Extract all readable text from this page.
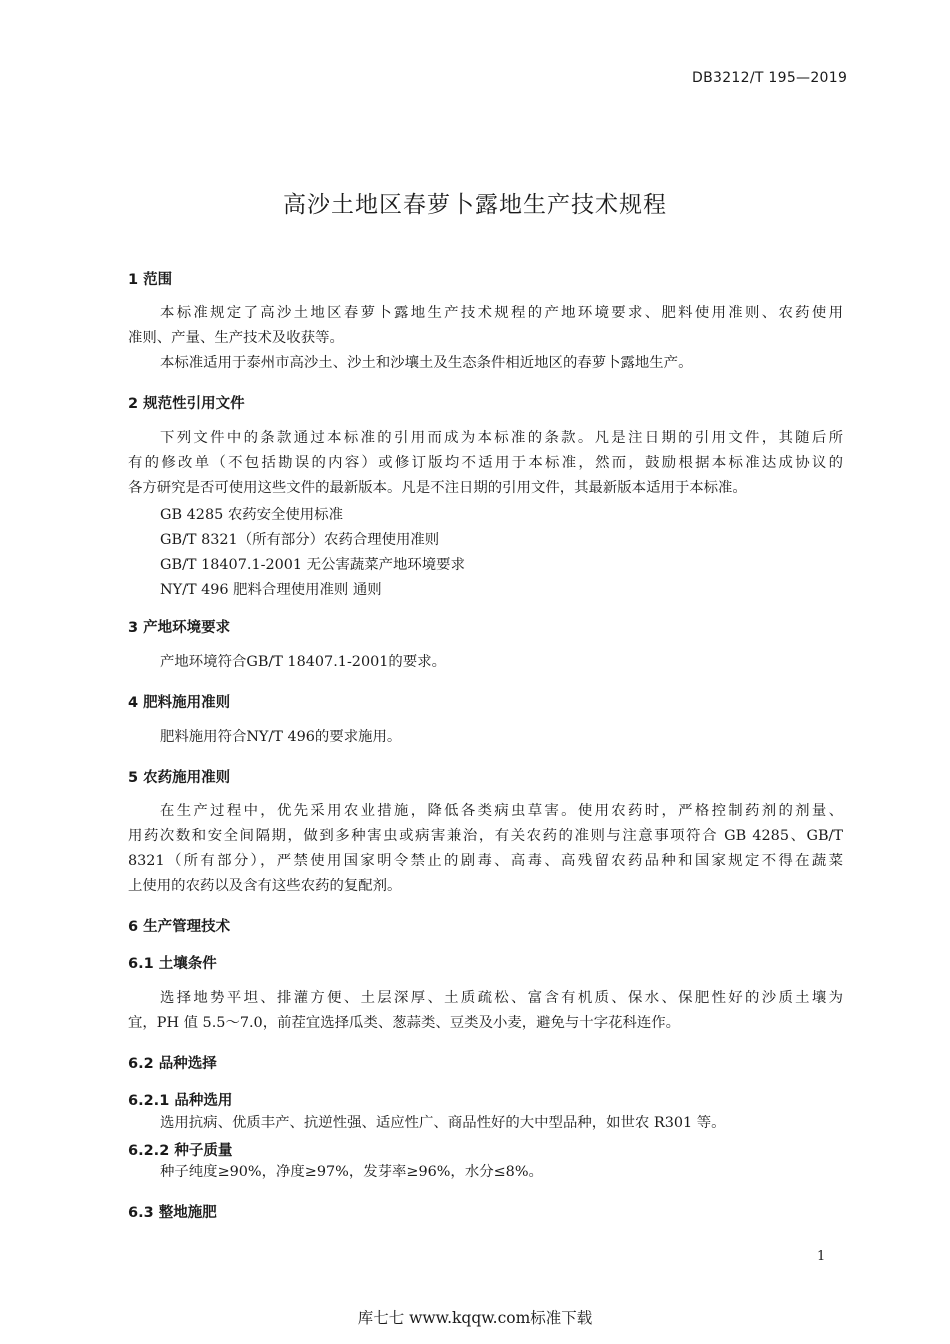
DB3212/T 195—2019
高沙土地区春萝卜露地生产技术规程
1 范围
本标准规定了高沙土地区春萝卜露地生产技术规程的产地环境要求、肥料使用准则、农药使用
准则、产量、生产技术及收获等。
本标准适用于泰州市高沙土、沙土和沙壤土及生态条件相近地区的春萝卜露地生产。
2 规范性引用文件
下列文件中的条款通过本标准的引用而成为本标准的条款。凡是注日期的引用文件，其随后所
有的修改单（不包括勘误的内容）或修订版均不适用于本标准，然而，鼓励根据本标准达成协议的
各方研究是否可使用这些文件的最新版本。凡是不注日期的引用文件，其最新版本适用于本标准。
GB 4285 农药安全使用标准
GB/T 8321（所有部分）农药合理使用准则
GB/T 18407.1-2001 无公害蔬菜产地环境要求
NY/T 496 肥料合理使用准则 通则
3 产地环境要求
产地环境符合GB/T 18407.1-2001的要求。
4 肥料施用准则
肥料施用符合NY/T 496的要求施用。
5 农药施用准则
在生产过程中，优先采用农业措施，降低各类病虫草害。使用农药时，严格控制药剂的剂量、
用药次数和安全间隔期，做到多种害虫或病害兼治，有关农药的准则与注意事项符合 GB 4285、GB/T
8321（所有部分），严禁使用国家明令禁止的剧毒、高毒、高残留农药品种和国家规定不得在蔬菜
上使用的农药以及含有这些农药的复配剂。
6 生产管理技术
6.1 土壤条件
选择地势平坦、排灌方便、土层深厚、土质疏松、富含有机质、保水、保肥性好的沙质土壤为
宜，PH 值 5.5～7.0，前茬宜选择瓜类、葱蒜类、豆类及小麦，避免与十字花科连作。
6.2 品种选择
6.2.1 品种选用
选用抗病、优质丰产、抗逆性强、适应性广、商品性好的大中型品种，如世农 R301 等。
6.2.2 种子质量
种子纯度≥90%，净度≥97%，发芽率≥96%，水分≤8%。
6.3 整地施肥
1
库七七 www.kqqw.com标准下载
